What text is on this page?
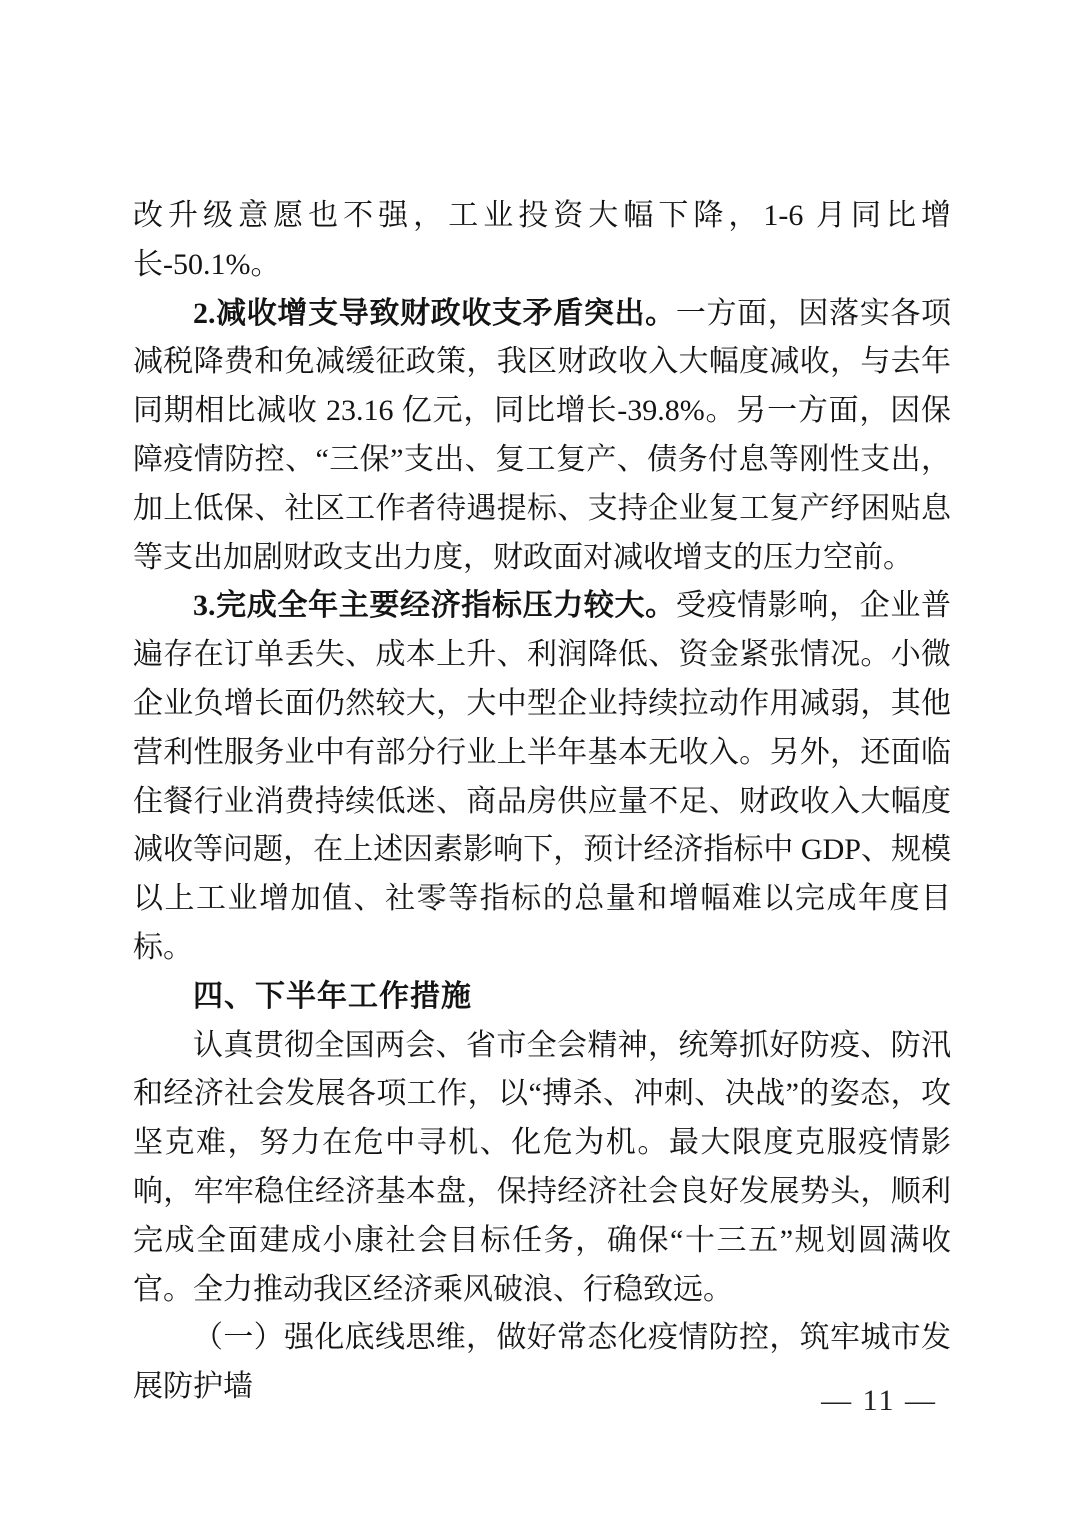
改升级意愿也不强，工业投资大幅下降，1-6 月同比增长-50.1%。

2.减收增支导致财政收支矛盾突出。一方面，因落实各项减税降费和免减缓征政策，我区财政收入大幅度减收，与去年同期相比减收 23.16 亿元，同比增长-39.8%。另一方面，因保障疫情防控、“三保”支出、复工复产、债务付息等刚性支出，加上低保、社区工作者待遇提标、支持企业复工复产纾困贴息等支出加剧财政支出力度，财政面对减收增支的压力空前。

3.完成全年主要经济指标压力较大。受疫情影响，企业普遍存在订单丢失、成本上升、利润降低、资金紧张情况。小微企业负增长面仍然较大，大中型企业持续拉动作用减弱，其他营利性服务业中有部分行业上半年基本无收入。另外，还面临住餐行业消费持续低迷、商品房供应量不足、财政收入大幅度减收等问题，在上述因素影响下，预计经济指标中 GDP、规模以上工业增加值、社零等指标的总量和增幅难以完成年度目标。

四、下半年工作措施

认真贯彻全国两会、省市全会精神，统筹抓好防疫、防汛和经济社会发展各项工作，以“搏杀、冲刺、决战”的姿态，攻坚克难，努力在危中寻机、化危为机。最大限度克服疫情影响，牢牢稳住经济基本盘，保持经济社会良好发展势头，顺利完成全面建成小康社会目标任务，确保“十三五”规划圆满收官。全力推动我区经济乘风破浪、行稳致远。

（一）强化底线思维，做好常态化疫情防控，筑牢城市发展防护墙	— 11 —
